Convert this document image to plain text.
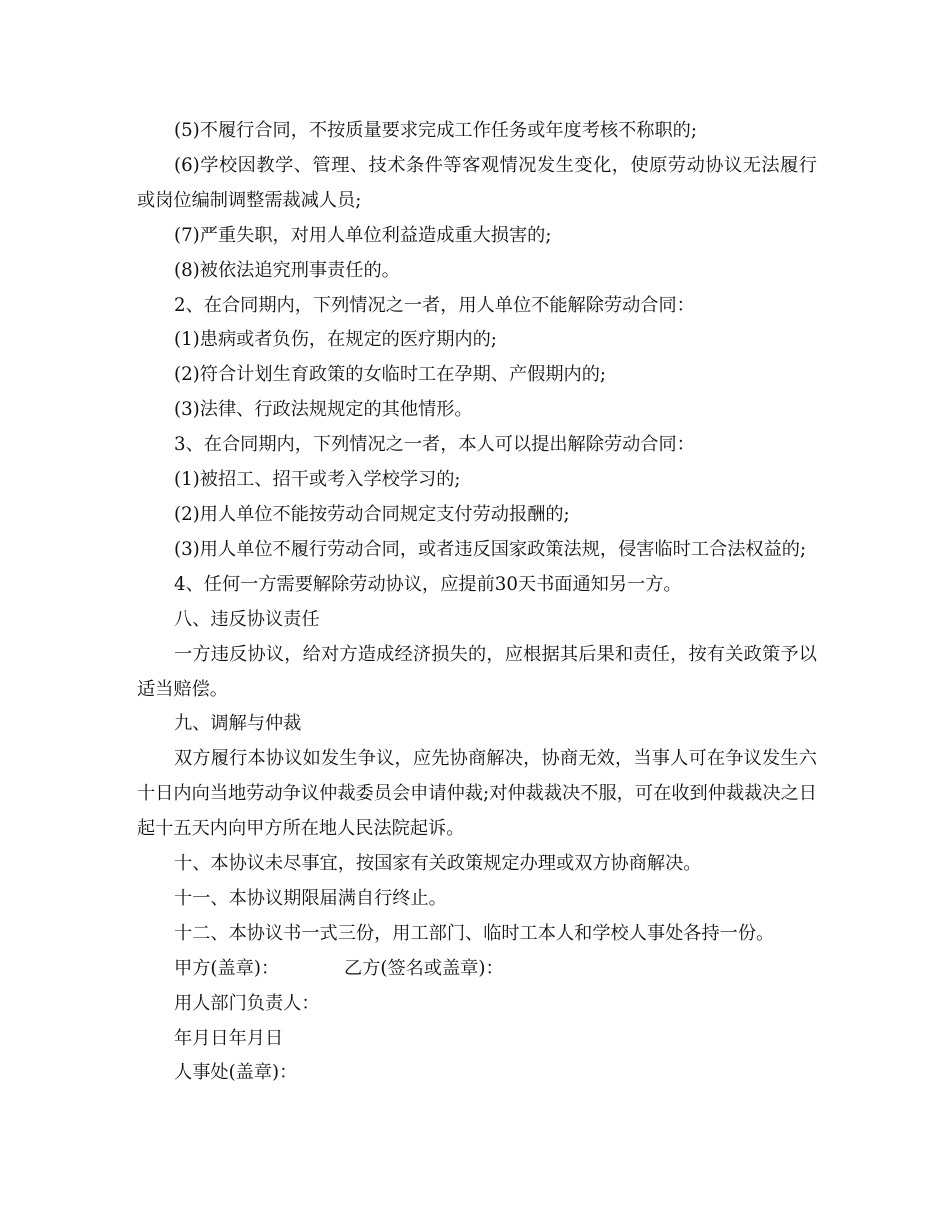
(5)不履行合同，不按质量要求完成工作任务或年度考核不称职的;

(6)学校因教学、管理、技术条件等客观情况发生变化，使原劳动协议无法履行或岗位编制调整需裁减人员;

(7)严重失职，对用人单位利益造成重大损害的;

(8)被依法追究刑事责任的。

2、在合同期内，下列情况之一者，用人单位不能解除劳动合同：

(1)患病或者负伤，在规定的医疗期内的;

(2)符合计划生育政策的女临时工在孕期、产假期内的;

(3)法律、行政法规规定的其他情形。

3、在合同期内，下列情况之一者，本人可以提出解除劳动合同：

(1)被招工、招干或考入学校学习的;

(2)用人单位不能按劳动合同规定支付劳动报酬的;

(3)用人单位不履行劳动合同，或者违反国家政策法规，侵害临时工合法权益的;

4、任何一方需要解除劳动协议，应提前30天书面通知另一方。

八、违反协议责任

一方违反协议，给对方造成经济损失的，应根据其后果和责任，按有关政策予以适当赔偿。

九、调解与仲裁

双方履行本协议如发生争议，应先协商解决，协商无效，当事人可在争议发生六十日内向当地劳动争议仲裁委员会申请仲裁;对仲裁裁决不服，可在收到仲裁裁决之日起十五天内向甲方所在地人民法院起诉。

十、本协议未尽事宜，按国家有关政策规定办理或双方协商解决。

十一、本协议期限届满自行终止。

十二、本协议书一式三份，用工部门、临时工本人和学校人事处各持一份。

甲方(盖章)：	乙方(签名或盖章)：
用人部门负责人：
年月日年月日
人事处(盖章)：
